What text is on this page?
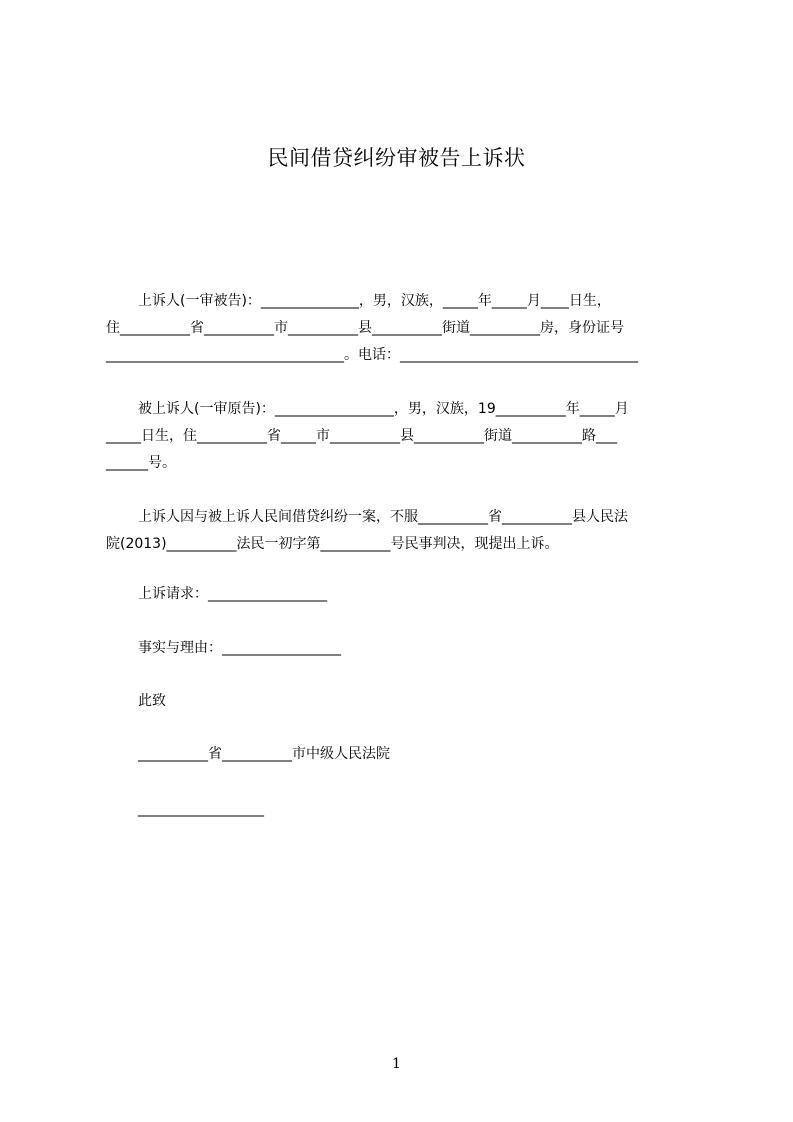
民间借贷纠纷审被告上诉状
上诉人(一审被告)：______________，男，汉族，_____年_____月____日生，
住__________省__________市__________县__________街道__________房，身份证号
__________________________________。电话：__________________________________
被上诉人(一审原告)：_________________，男，汉族，19__________年_____月
_____日生，住__________省_____市__________县__________街道__________路___
______号。
上诉人因与被上诉人民间借贷纠纷一案，不服__________省__________县人民法
院(2013)__________法民一初字第__________号民事判决，现提出上诉。
上诉请求：_________________
事实与理由：_________________
此致
__________省__________市中级人民法院
__________________
1
